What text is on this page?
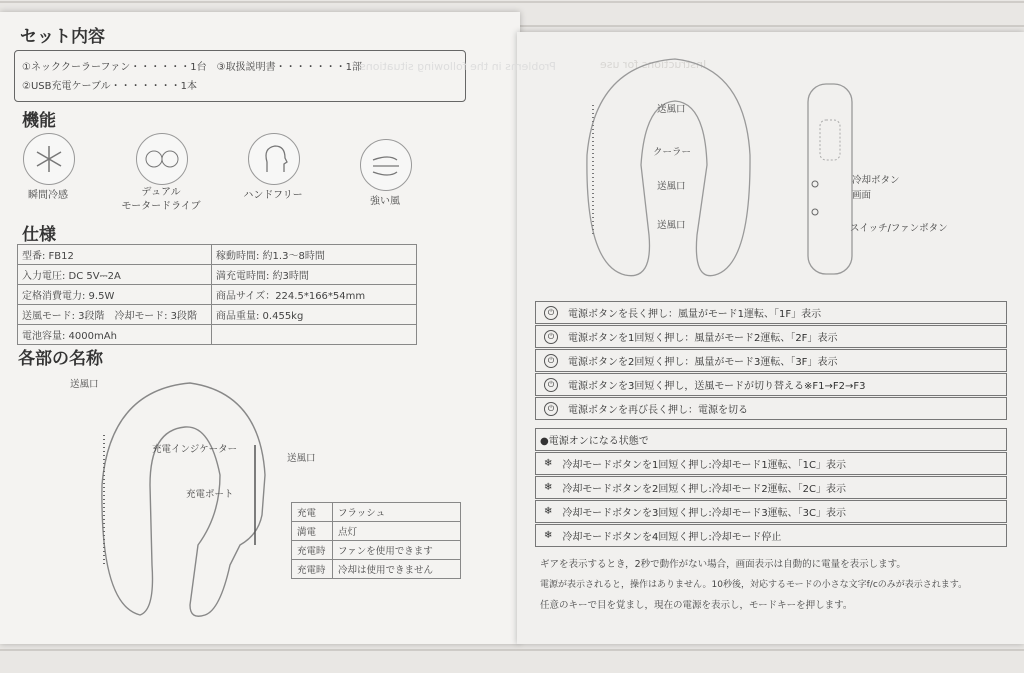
セット内容
①ネッククーラーファン・・・・・・1台　③取扱説明書・・・・・・・1部
②USB充電ケーブル・・・・・・・1本
機能
瞬間冷感	デュアル
モータードライブ
ハンドフリー
強い風
仕様
型番: FB12	稼動時間: 約1.3～8時間
入力電圧: DC 5V⎓2A	満充電時間: 約3時間
定格消費電力: 9.5W	商品サイズ：224.5*166*54mm
送風モード: 3段階　冷却モード: 3段階	商品重量: 0.455kg
電池容量: 4000mAh	
各部の名称
送風口
充電インジケーター
送風口
充電ポート
充電	フラッシュ
満電	点灯
充電時	ファンを使用できます
充電時	冷却は使用できません
Instructions for use
Problems in the following situations
送風口
クーラー
送風口
送風口
冷却ボタン
画面
スイッチ/ファンボタン
⏻	電源ボタンを長く押し：風量がモード1運転、「1F」表示
⏻	電源ボタンを1回短く押し：風量がモード2運転、「2F」表示
⏻	電源ボタンを2回短く押し：風量がモード3運転、「3F」表示
⏻	電源ボタンを3回短く押し，送風モードが切り替える※F1→F2→F3
⏻	電源ボタンを再び長く押し：電源を切る
●電源オンになる状態で
❄ 冷却モードボタンを1回短く押し:冷却モード1運転、「1C」表示
❄ 冷却モードボタンを2回短く押し:冷却モード2運転、「2C」表示
❄ 冷却モードボタンを3回短く押し:冷却モード3運転、「3C」表示
❄ 冷却モードボタンを4回短く押し:冷却モード停止
ギアを表示するとき，2秒で動作がない場合，画面表示は自動的に電量を表示します。
電源が表示されると，操作はありません。10秒後，対応するモードの小さな文字f/cのみが表示されます。
任意のキーで目を覚まし，現在の電源を表示し，モードキーを押します。
